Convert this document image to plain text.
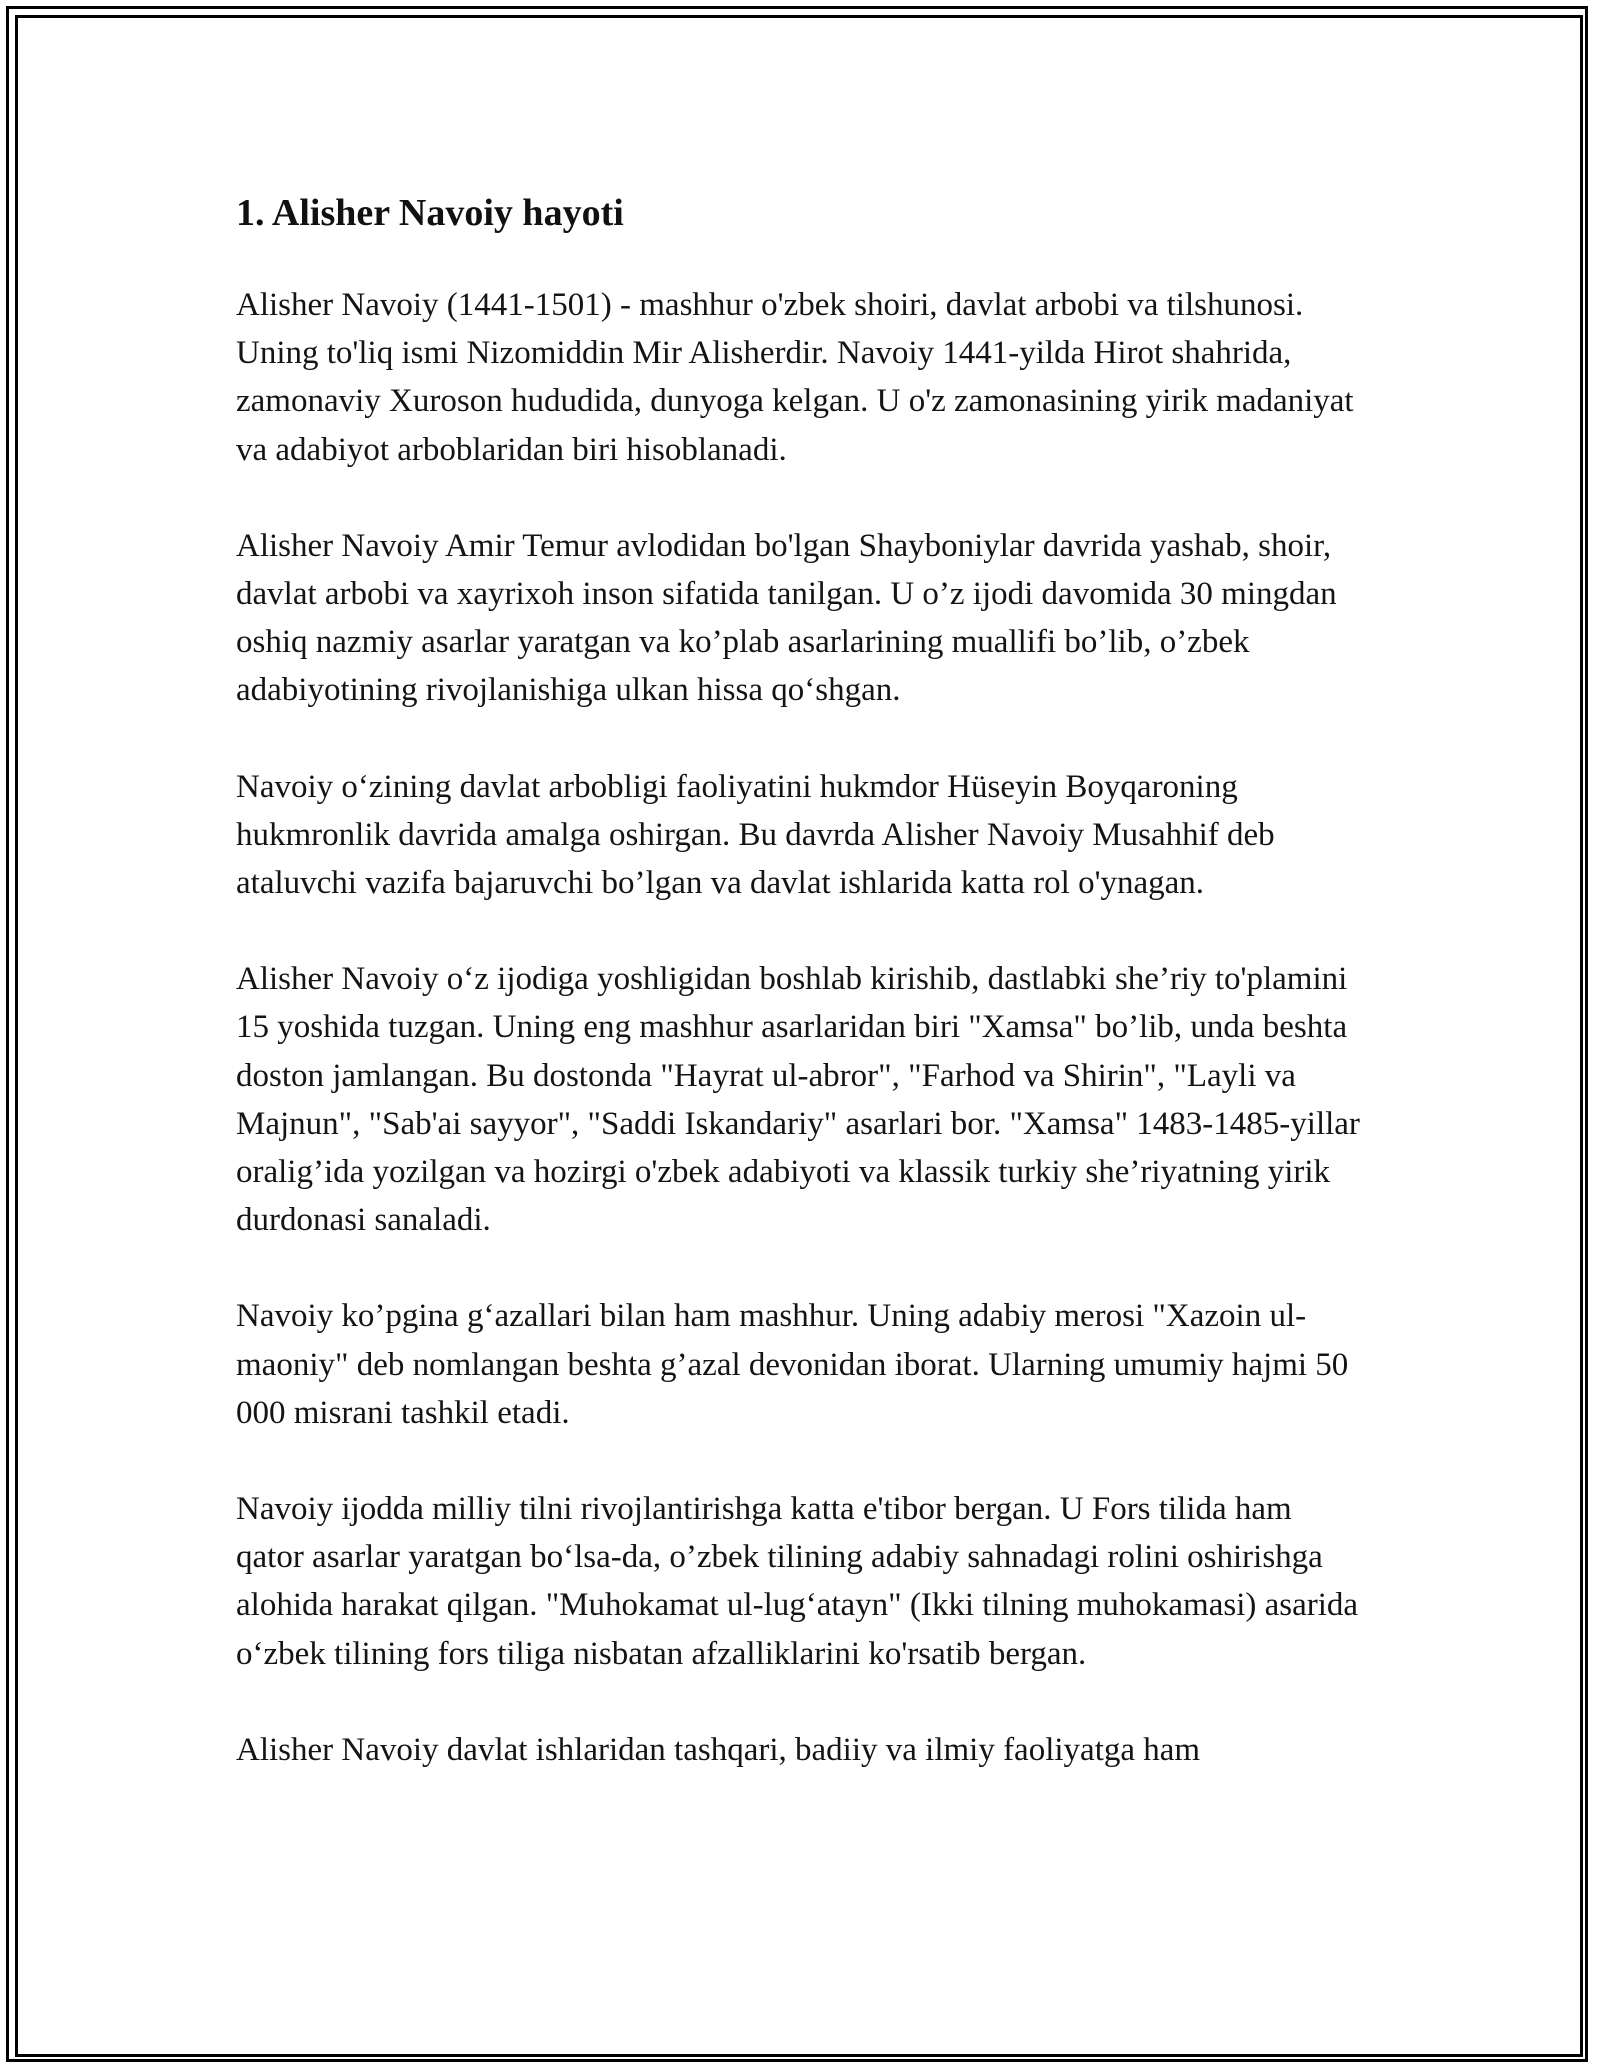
1. Alisher Navoiy hayoti

Alisher Navoiy (1441-1501) - mashhur o'zbek shoiri, davlat arbobi va tilshunosi. Uning to'liq ismi Nizomiddin Mir Alisherdir. Navoiy 1441-yilda Hirot shahrida, zamonaviy Xuroson hududida, dunyoga kelgan. U o'z zamonasining yirik madaniyat va adabiyot arboblaridan biri hisoblanadi.

Alisher Navoiy Amir Temur avlodidan bo'lgan Shayboniylar davrida yashab, shoir, davlat arbobi va xayrixoh inson sifatida tanilgan. U o’z ijodi davomida 30 mingdan oshiq nazmiy asarlar yaratgan va ko’plab asarlarining muallifi bo’lib, o’zbek adabiyotining rivojlanishiga ulkan hissa qo‘shgan.

Navoiy o‘zining davlat arbobligi faoliyatini hukmdor Hüseyin Boyqaroning hukmronlik davrida amalga oshirgan. Bu davrda Alisher Navoiy Musahhif deb ataluvchi vazifa bajaruvchi bo’lgan va davlat ishlarida katta rol o'ynagan.

Alisher Navoiy o‘z ijodiga yoshligidan boshlab kirishib, dastlabki she’riy to'plamini 15 yoshida tuzgan. Uning eng mashhur asarlaridan biri "Xamsa" bo’lib, unda beshta doston jamlangan. Bu dostonda "Hayrat ul-abror", "Farhod va Shirin", "Layli va Majnun", "Sab'ai sayyor", "Saddi Iskandariy" asarlari bor. "Xamsa" 1483-1485-yillar oralig’ida yozilgan va hozirgi o'zbek adabiyoti va klassik turkiy she’riyatning yirik durdonasi sanaladi.

Navoiy ko’pgina g‘azallari bilan ham mashhur. Uning adabiy merosi "Xazoin ul-maoniy" deb nomlangan beshta g’azal devonidan iborat. Ularning umumiy hajmi 50 000 misrani tashkil etadi.

Navoiy ijodda milliy tilni rivojlantirishga katta e'tibor bergan. U Fors tilida ham qator asarlar yaratgan bo‘lsa-da, o’zbek tilining adabiy sahnadagi rolini oshirishga alohida harakat qilgan. "Muhokamat ul-lug‘atayn" (Ikki tilning muhokamasi) asarida o‘zbek tilining fors tiliga nisbatan afzalliklarini ko'rsatib bergan.

Alisher Navoiy davlat ishlaridan tashqari, badiiy va ilmiy faoliyatga ham
